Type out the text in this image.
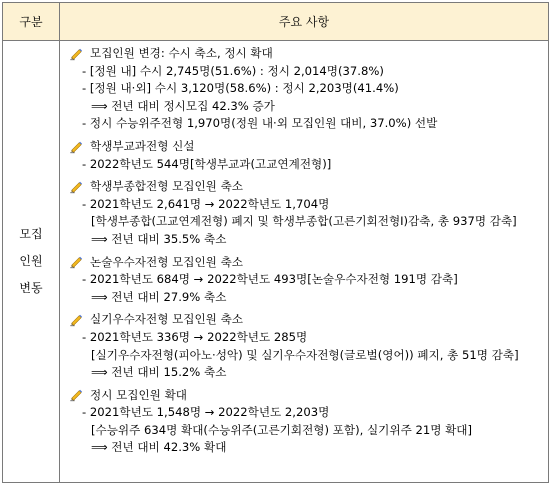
구분	주요 사항
모집
인원
변동
모집인원 변경: 수시 축소, 정시 확대
- [정원 내] 수시 2,745명(51.6%) : 정시 2,014명(37.8%)
- [정원 내·외] 수시 3,120명(58.6%) : 정시 2,203명(41.4%)
⟹ 전년 대비 정시모집 42.3% 증가
- 정시 수능위주전형 1,970명(정원 내·외 모집인원 대비, 37.0%) 선발
학생부교과전형 신설
- 2022학년도 544명[학생부교과(고교연계전형)]
학생부종합전형 모집인원 축소
- 2021학년도 2,641명 → 2022학년도 1,704명
[학생부종합(고교연계전형) 폐지 및 학생부종합(고른기회전형Ⅰ)감축, 총 937명 감축]
⟹ 전년 대비 35.5% 축소
논술우수자전형 모집인원 축소
- 2021학년도 684명 → 2022학년도 493명[논술우수자전형 191명 감축]
⟹ 전년 대비 27.9% 축소
실기우수자전형 모집인원 축소
- 2021학년도 336명 → 2022학년도 285명
[실기우수자전형(피아노·성악) 및 실기우수자전형(글로벌(영어)) 폐지, 총 51명 감축]
⟹ 전년 대비 15.2% 축소
정시 모집인원 확대
- 2021학년도 1,548명 → 2022학년도 2,203명
[수능위주 634명 확대(수능위주(고른기회전형) 포함), 실기위주 21명 확대]
⟹ 전년 대비 42.3% 확대
